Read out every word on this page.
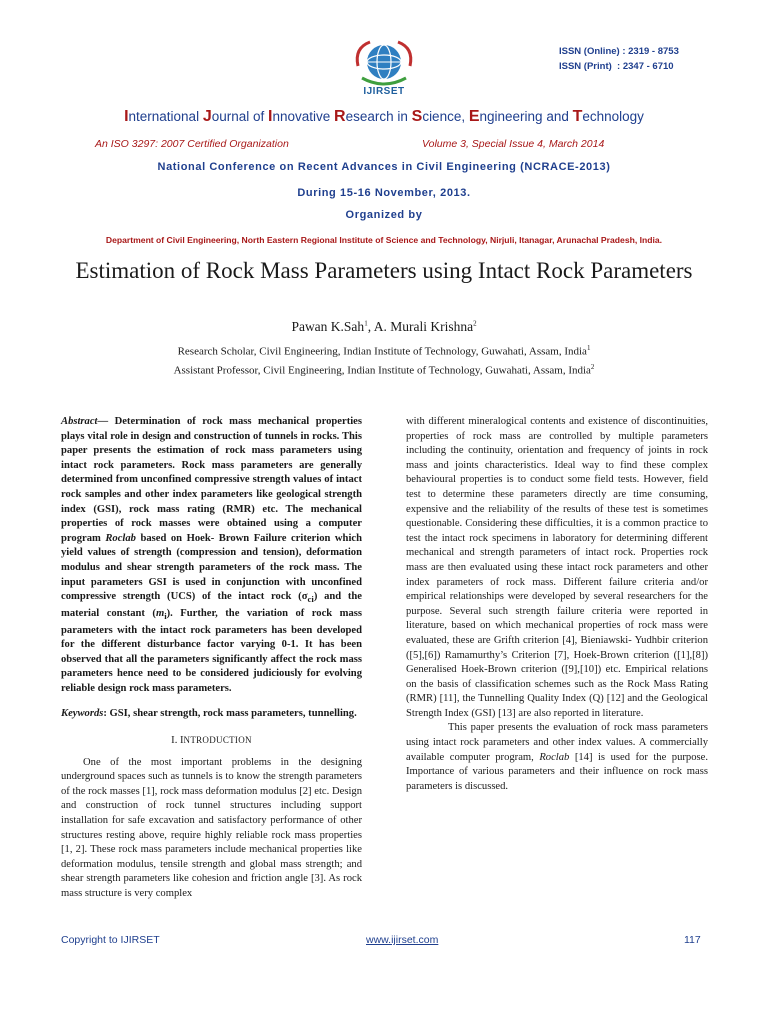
IJIRSET
ISSN (Online) : 2319 - 8753
ISSN (Print)  : 2347 - 6710
International Journal of Innovative Research in Science, Engineering and Technology
An ISO 3297: 2007 Certified Organization	Volume 3, Special Issue 4, March 2014
National Conference on Recent Advances in Civil Engineering (NCRACE-2013)
During 15-16 November, 2013.
Organized by
Department of Civil Engineering, North Eastern Regional Institute of Science and Technology, Nirjuli, Itanagar, Arunachal Pradesh, India.
Estimation of Rock Mass Parameters using Intact Rock Parameters
Pawan K.Sah$^1$, A. Murali Krishna$^2$
Research Scholar, Civil Engineering, Indian Institute of Technology, Guwahati, Assam, India$^1$
Assistant Professor, Civil Engineering, Indian Institute of Technology, Guwahati, Assam, India$^2$

Abstract— Determination of rock mass mechanical properties plays vital role in design and construction of tunnels in rocks. This paper presents the estimation of rock mass parameters using intact rock parameters. Rock mass parameters are generally determined from unconfined compressive strength values of intact rock samples and other index parameters like geological strength index (GSI), rock mass rating (RMR) etc. The mechanical properties of rock masses were obtained using a computer program Roclab based on Hoek- Brown Failure criterion which yield values of strength (compression and tension), deformation modulus and shear strength parameters of the rock mass. The input parameters GSI is used in conjunction with unconfined compressive strength (UCS) of the intact rock $(\sigma_{ci})$ and the material constant $(m_i)$. Further, the variation of rock mass parameters with the intact rock parameters has been developed for the different disturbance factor varying 0-1. It has been observed that all the parameters significantly affect the rock mass parameters hence need to be considered judiciously for evolving reliable design rock mass parameters.

Keywords: GSI, shear strength, rock mass parameters, tunnelling.

I. INTRODUCTION

One of the most important problems in the designing underground spaces such as tunnels is to know the strength parameters of the rock masses [1], rock mass deformation modulus [2] etc. Design and construction of rock tunnel structures including support installation for safe excavation and satisfactory performance of other structures resting above, require highly reliable rock mass properties [1, 2]. These rock mass parameters include mechanical properties like deformation modulus, tensile strength and global mass strength; and shear strength parameters like cohesion and friction angle [3]. As rock mass structure is very complex

with different mineralogical contents and existence of discontinuities, properties of rock mass are controlled by multiple parameters including the continuity, orientation and frequency of joints in rock mass and joints characteristics. Ideal way to find these complex behavioural properties is to conduct some field tests. However, field test to determine these parameters directly are time consuming, expensive and the reliability of the results of these test is sometimes questionable. Considering these difficulties, it is a common practice to test the intact rock specimens in laboratory for determining different mechanical and strength parameters of intact rock. Properties rock mass are then evaluated using these intact rock parameters and other index parameters of rock mass. Different failure criteria and/or empirical relationships were developed by several researchers for the purpose. Several such strength failure criteria were reported in literature, based on which mechanical properties of rock mass were evaluated, these are Grifth criterion [4], Bieniawski- Yudhbir criterion ([5],[6]) Ramamurthy’s Criterion [7], Hoek-Brown criterion ([1],[8]) Generalised Hoek-Brown criterion ([9],[10]) etc. Empirical relations on the basis of classification schemes such as the Rock Mass Rating (RMR) [11], the Tunnelling Quality Index (Q) [12] and the Geological Strength Index (GSI) [13] are also reported in literature.

This paper presents the evaluation of rock mass parameters using intact rock parameters and other index values. A commercially available computer program, Roclab [14] is used for the purpose. Importance of various parameters and their influence on rock mass parameters is discussed.

Copyright to IJIRSET	www.ijirset.com	117
